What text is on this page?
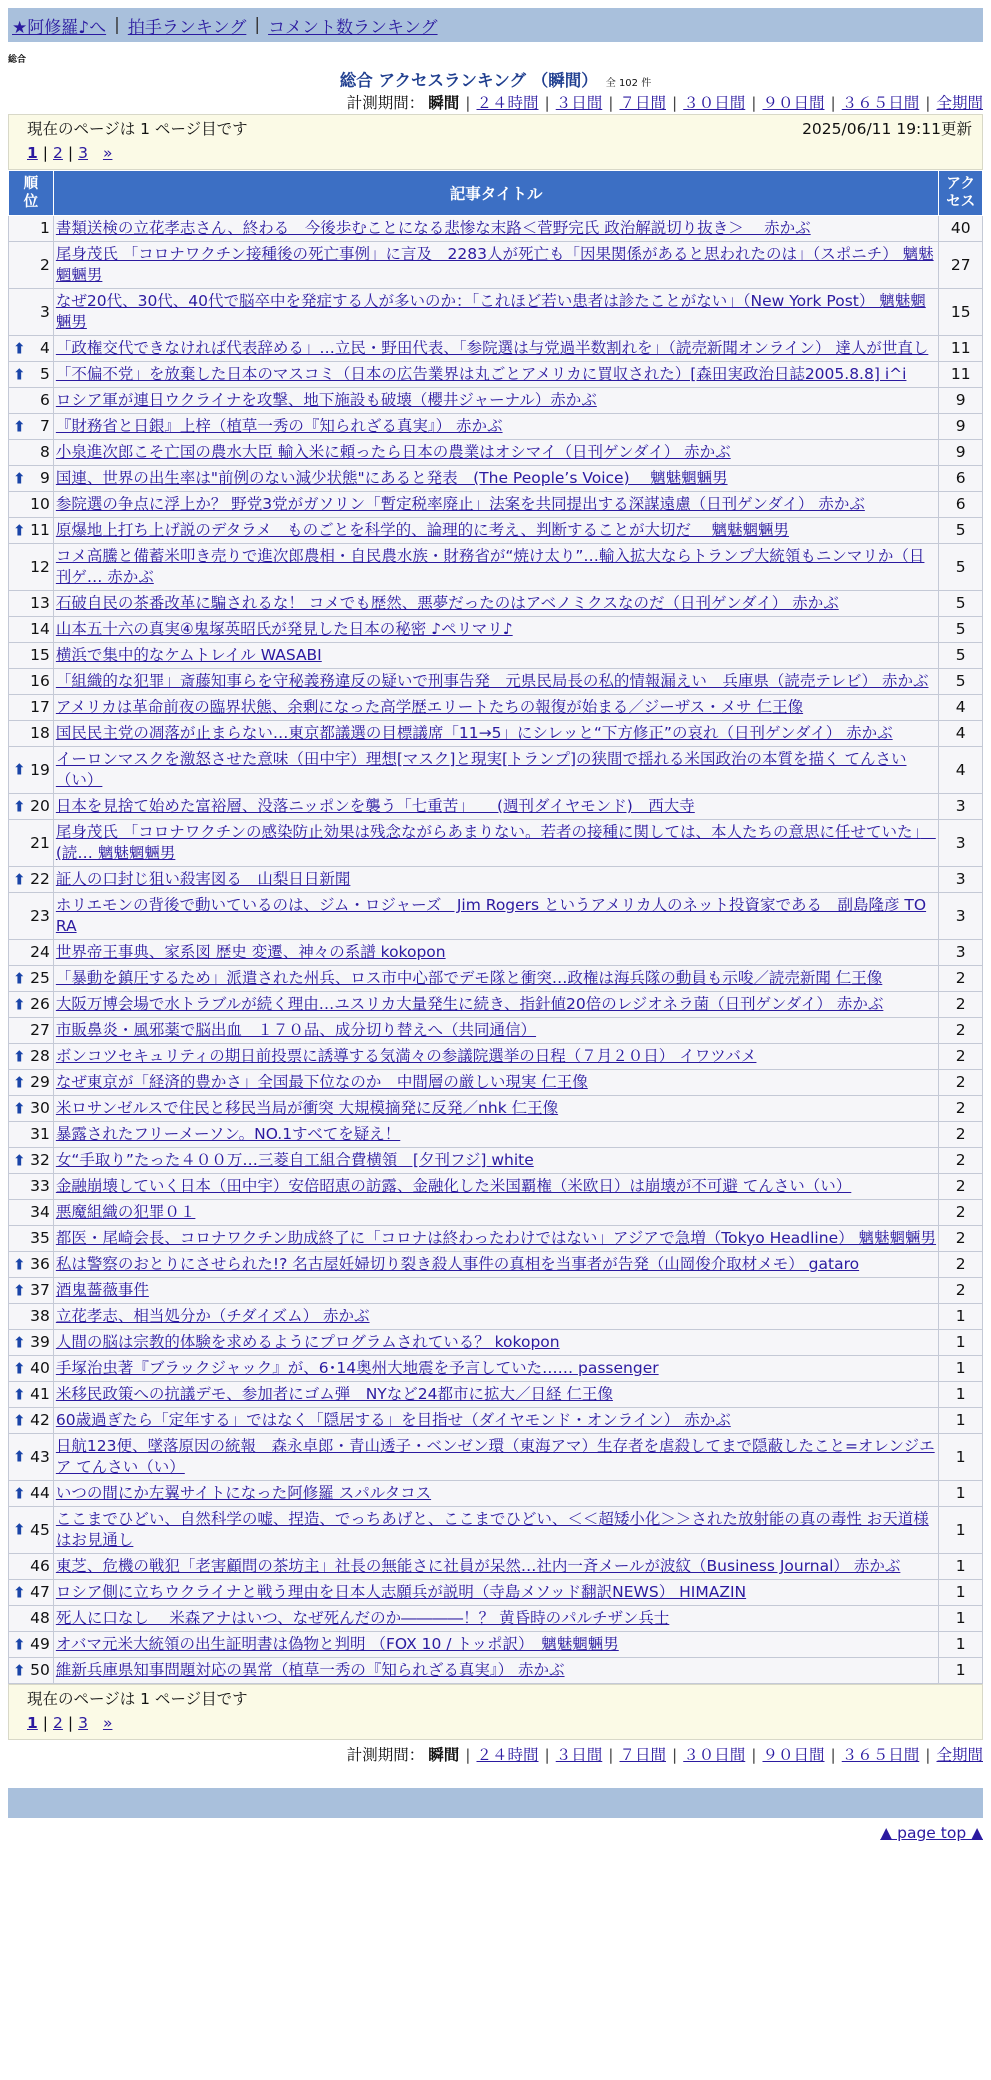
★阿修羅♪へ | 拍手ランキング | コメント数ランキング
総合
総合 アクセスランキング （瞬間） 全 102 件
計測期間： 瞬間 | ２４時間 | ３日間 | ７日間 | ３０日間 | ９０日間 | ３６５日間 | 全期間
現在のページは 1 ページ目です	2025/06/11 19:11更新
1 | 2 | 3 »
順位	記事タイトル	アクセス

1	書類送検の立花孝志さん、終わる　今後歩むことになる悲惨な末路＜菅野完氏 政治解説切り抜き＞　 赤かぶ	40
2	尾身茂氏 「コロナワクチン接種後の死亡事例」に言及　2283人が死亡も「因果関係があると思われたのは」（スポニチ） 魑魅魍魎男	27
3	なぜ20代、30代、40代で脳卒中を発症する人が多いのか：「これほど若い患者は診たことがない」（New York Post） 魑魅魍魎男	15

⬆ 4	「政権交代できなければ代表辞める」…立民・野田代表、「参院選は与党過半数割れを」（読売新聞オンライン） 達人が世直し	11

⬆ 5	「不偏不党」を放棄した日本のマスコミ（日本の広告業界は丸ごとアメリカに買収された）[森田実政治日誌2005.8.8] i^i	11
6	ロシア軍が連日ウクライナを攻撃、地下施設も破壊（櫻井ジャーナル）赤かぶ	9

⬆ 7	『財務省と日銀』上梓（植草一秀の『知られざる真実』） 赤かぶ	9
8	小泉進次郎こそ亡国の農水大臣 輸入米に頼ったら日本の農業はオシマイ（日刊ゲンダイ） 赤かぶ	9

⬆ 9	国連、世界の出生率は"前例のない減少状態"にあると発表　(The People’s Voice)　 魑魅魍魎男	6
10	参院選の争点に浮上か？ 野党3党がガソリン「暫定税率廃止」法案を共同提出する深謀遠慮（日刊ゲンダイ） 赤かぶ	6

⬆ 11	原爆地上打ち上げ説のデタラメ　ものごとを科学的、論理的に考え、判断することが大切だ　 魑魅魍魎男	5
12	コメ高騰と備蓄米叩き売りで進次郎農相・自民農水族・財務省が“焼け太り”…輸入拡大ならトランプ大統領もニンマリか（日刊ゲ… 赤かぶ	5
13	石破自民の茶番改革に騙されるな！ コメでも歴然、悪夢だったのはアベノミクスなのだ（日刊ゲンダイ） 赤かぶ	5
14	山本五十六の真実④鬼塚英昭氏が発見した日本の秘密 ♪ペリマリ♪	5
15	横浜で集中的なケムトレイル WASABI	5
16	「組織的な犯罪」斎藤知事らを守秘義務違反の疑いで刑事告発　元県民局長の私的情報漏えい　兵庫県（読売テレビ） 赤かぶ	5
17	アメリカは革命前夜の臨界状態、余剰になった高学歴エリートたちの報復が始まる／ジーザス・メサ 仁王像	4
18	国民民主党の凋落が止まらない…東京都議選の目標議席「11→5」にシレッと“下方修正”の哀れ（日刊ゲンダイ） 赤かぶ	4

⬆ 19	イーロンマスクを激怒させた意味（田中宇）理想[マスク]と現実[トランプ]の狭間で揺れる米国政治の本質を描く てんさい（い）	4

⬆ 20	日本を見捨て始めた富裕層、没落ニッポンを襲う「七重苦」　　(週刊ダイヤモンド)　西大寺	3
21	尾身茂氏 「コロナワクチンの感染防止効果は残念ながらあまりない。若者の接種に関しては、本人たちの意思に任せていた」　(読… 魑魅魍魎男	3

⬆ 22	証人の口封じ狙い殺害図る　山梨日日新聞	3
23	ホリエモンの背後で動いているのは、ジム・ロジャーズ　Jim Rogers というアメリカ人のネット投資家である　副島隆彦 TORA	3
24	世界帝王事典、家系図 歴史 変遷、神々の系譜 kokopon	3

⬆ 25	「暴動を鎮圧するため」派遣された州兵、ロス市中心部でデモ隊と衝突…政権は海兵隊の動員も示唆／読売新聞 仁王像	2

⬆ 26	大阪万博会場で水トラブルが続く理由…ユスリカ大量発生に続き、指針値20倍のレジオネラ菌（日刊ゲンダイ） 赤かぶ	2
27	市販鼻炎・風邪薬で脳出血　１７０品、成分切り替えへ（共同通信）	2

⬆ 28	ボンコツセキュリティの期日前投票に誘導する気満々の参議院選挙の日程（７月２０日） イワツバメ	2

⬆ 29	なぜ東京が「経済的豊かさ」全国最下位なのか　中間層の厳しい現実 仁王像	2

⬆ 30	米ロサンゼルスで住民と移民当局が衝突 大規模摘発に反発／nhk 仁王像	2
31	暴露されたフリーメーソン。NO.1すべてを疑え！	2

⬆ 32	女“手取り”たった４００万…三菱自工組合費横領　[夕刊フジ] white	2
33	金融崩壊していく日本（田中宇）安倍昭恵の訪露、金融化した米国覇権（米欧日）は崩壊が不可避 てんさい（い）	2
34	悪魔組織の犯罪０１	2
35	都医・尾崎会長、コロナワクチン助成終了に「コロナは終わったわけではない」アジアで急増（Tokyo Headline） 魑魅魍魎男	2

⬆ 36	私は警察のおとりにさせられた!? 名古屋妊婦切り裂き殺人事件の真相を当事者が告発（山岡俊介取材メモ） gataro	2

⬆ 37	酒鬼薔薇事件	2
38	立花孝志、相当処分か（チダイズム） 赤かぶ	1

⬆ 39	人間の脳は宗教的体験を求めるようにプログラムされている？ kokopon	1

⬆ 40	手塚治虫著『ブラックジャック』が、6･14奥州大地震を予言していた…… passenger	1

⬆ 41	米移民政策への抗議デモ、参加者にゴム弾　NYなど24都市に拡大／日経 仁王像	1

⬆ 42	60歳過ぎたら「定年する」ではなく「隠居する」を目指せ（ダイヤモンド・オンライン） 赤かぶ	1

⬆ 43	日航123便、墜落原因の統報　森永卓郎・青山透子・ベンゼン環（東海アマ）生存者を虐殺してまで隠蔽したこと=オレンジエア てんさい（い）	1

⬆ 44	いつの間にか左翼サイトになった阿修羅 スパルタコス	1

⬆ 45	ここまでひどい、自然科学の嘘、捏造、でっちあげと、ここまでひどい、＜＜超矮小化＞＞された放射能の真の毒性 お天道様はお見通し	1
46	東芝、危機の戦犯「老害顧問の茶坊主」社長の無能さに社員が呆然…社内一斉メールが波紋（Business Journal） 赤かぶ	1

⬆ 47	ロシア側に立ちウクライナと戦う理由を日本人志願兵が説明（寺島メソッド翻訳NEWS） HIMAZIN	1
48	死人に口なし　 米森アナはいつ、なぜ死んだのか――――！？ 黄昏時のパルチザン兵士	1

⬆ 49	オバマ元米大統領の出生証明書は偽物と判明 （FOX 10 / トッポ訳）　魑魅魍魎男	1

⬆ 50	維新兵庫県知事問題対応の異常（植草一秀の『知られざる真実』） 赤かぶ	1
現在のページは 1 ページ目です
1 | 2 | 3 »
計測期間： 瞬間 | ２４時間 | ３日間 | ７日間 | ３０日間 | ９０日間 | ３６５日間 | 全期間
▲ page top ▲
